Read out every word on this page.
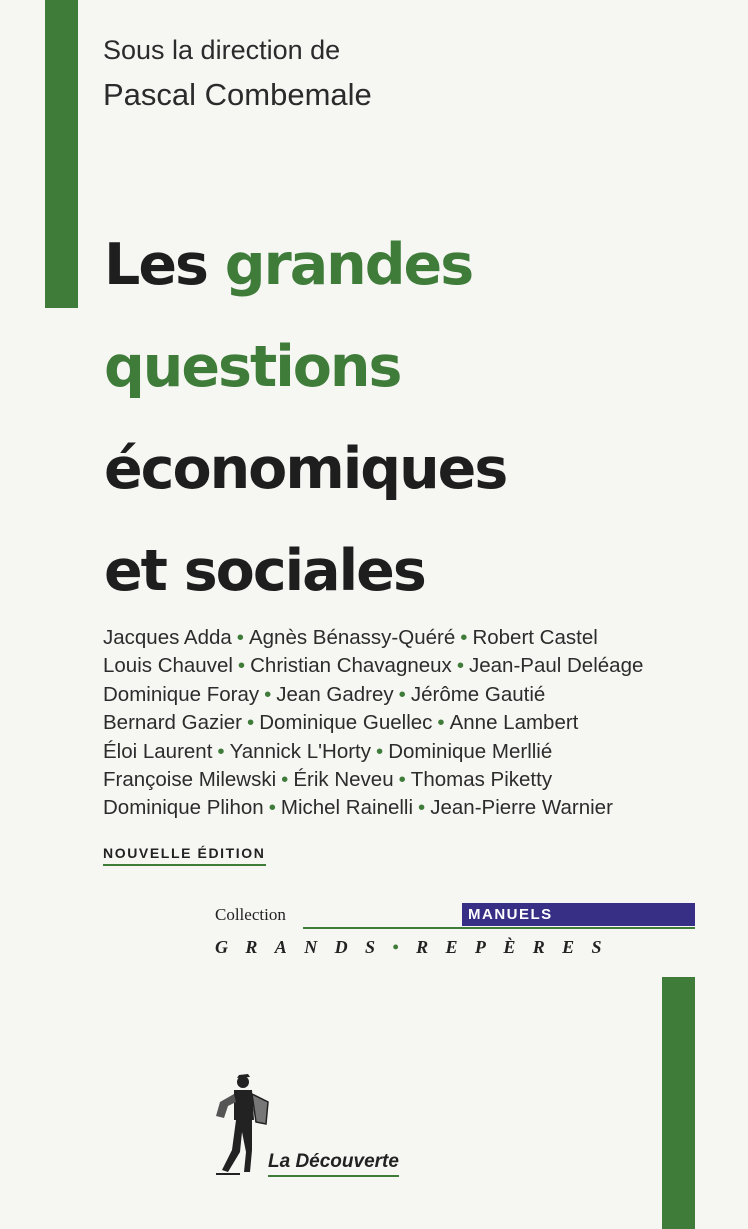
Sous la direction de
Pascal Combemale
Les grandes
questions
économiques
et sociales
Jacques Adda • Agnès Bénassy-Quéré • Robert Castel
Louis Chauvel • Christian Chavagneux • Jean-Paul Deléage
Dominique Foray • Jean Gadrey • Jérôme Gautié
Bernard Gazier • Dominique Guellec • Anne Lambert
Éloi Laurent • Yannick L'Horty • Dominique Merllié
Françoise Milewski • Érik Neveu • Thomas Piketty
Dominique Plihon • Michel Rainelli • Jean-Pierre Warnier
NOUVELLE ÉDITION
Collection	MANUELS
GRANDS•REPÈRES
La Découverte
